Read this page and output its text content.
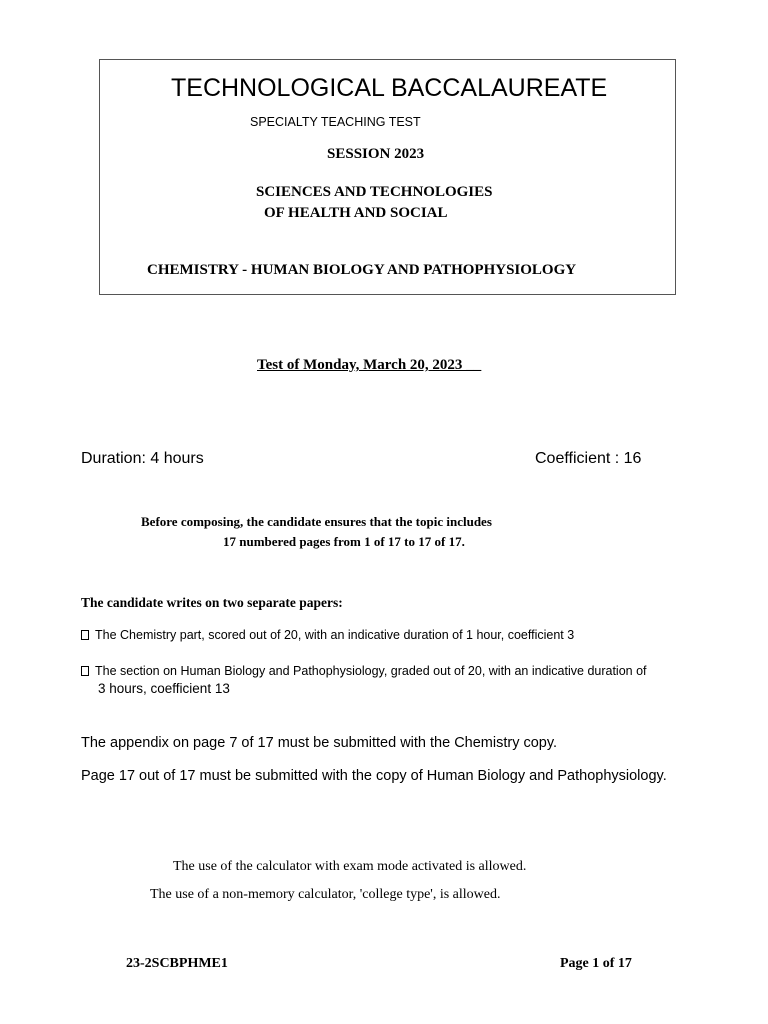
TECHNOLOGICAL BACCALAUREATE
SPECIALTY TEACHING TEST
SESSION 2023
SCIENCES AND TECHNOLOGIES
OF HEALTH AND SOCIAL
CHEMISTRY - HUMAN BIOLOGY AND PATHOPHYSIOLOGY
Test of Monday, March 20, 2023 __
Duration: 4 hours	Coefficient : 16
Before composing, the candidate ensures that the topic includes
17 numbered pages from 1 of 17 to 17 of 17.
The candidate writes on two separate papers:
The Chemistry part, scored out of 20, with an indicative duration of 1 hour, coefficient 3
The section on Human Biology and Pathophysiology, graded out of 20, with an indicative duration of
3 hours, coefficient 13
The appendix on page 7 of 17 must be submitted with the Chemistry copy.
Page 17 out of 17 must be submitted with the copy of Human Biology and Pathophysiology.
The use of the calculator with exam mode activated is allowed.
The use of a non-memory calculator, 'college type', is allowed.
23-2SCBPHME1	Page 1 of 17
